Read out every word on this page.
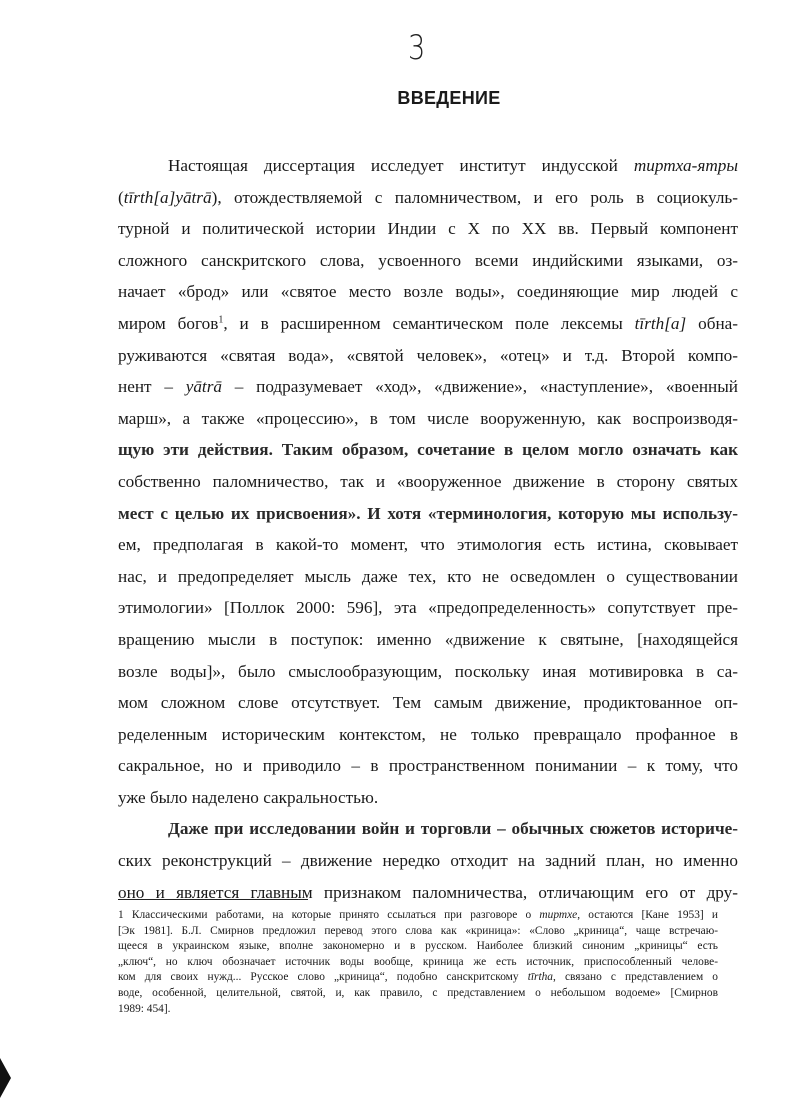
3
ВВЕДЕНИЕ
Настоящая диссертация исследует институт индусской тиртха-ятры
(tīrth[a]yātrā), отождествляемой с паломничеством, и его роль в социокуль-
турной и политической истории Индии с X по XX вв. Первый компонент
сложного санскритского слова, усвоенного всеми индийскими языками, оз-
начает «брод» или «святое место возле воды», соединяющие мир людей с
миром богов$^1$, и в расширенном семантическом поле лексемы tīrth[a] обна-
руживаются «святая вода», «святой человек», «отец» и т.д. Второй компо-
нент – yātrā – подразумевает «ход», «движение», «наступление», «военный
марш», а также «процессию», в том числе вооруженную, как воспроизводя-
щую эти действия. Таким образом, сочетание в целом могло означать как
собственно паломничество, так и «вооруженное движение в сторону святых
мест с целью их присвоения». И хотя «терминология, которую мы использу-
ем, предполагая в какой-то момент, что этимология есть истина, сковывает
нас, и предопределяет мысль даже тех, кто не осведомлен о существовании
этимологии» [Поллок 2000: 596], эта «предопределенность» сопутствует пре-
вращению мысли в поступок: именно «движение к святыне, [находящейся
возле воды]», было смыслообразующим, поскольку иная мотивировка в са-
мом сложном слове отсутствует. Тем самым движение, продиктованное оп-
ределенным историческим контекстом, не только превращало профанное в
сакральное, но и приводило – в пространственном понимании – к тому, что
уже было наделено сакральностью.
Даже при исследовании войн и торговли – обычных сюжетов историче-
ских реконструкций – движение нередко отходит на задний план, но именно
оно и является главным признаком паломничества, отличающим его от дру-
1 Классическими работами, на которые принято ссылаться при разговоре о тиртхе, остаются [Кане 1953] и
[Эк 1981]. Б.Л. Смирнов предложил перевод этого слова как «криница»: «Слово „криница“, чаще встречаю-
щееся в украинском языке, вполне закономерно и в русском. Наиболее близкий синоним „криницы“ есть
„ключ“, но ключ обозначает источник воды вообще, криница же есть источник, приспособленный челове-
ком для своих нужд... Русское слово „криница“, подобно санскритскому tīrtha, связано с представлением о
воде, особенной, целительной, святой, и, как правило, с представлением о небольшом водоеме» [Смирнов
1989: 454].
